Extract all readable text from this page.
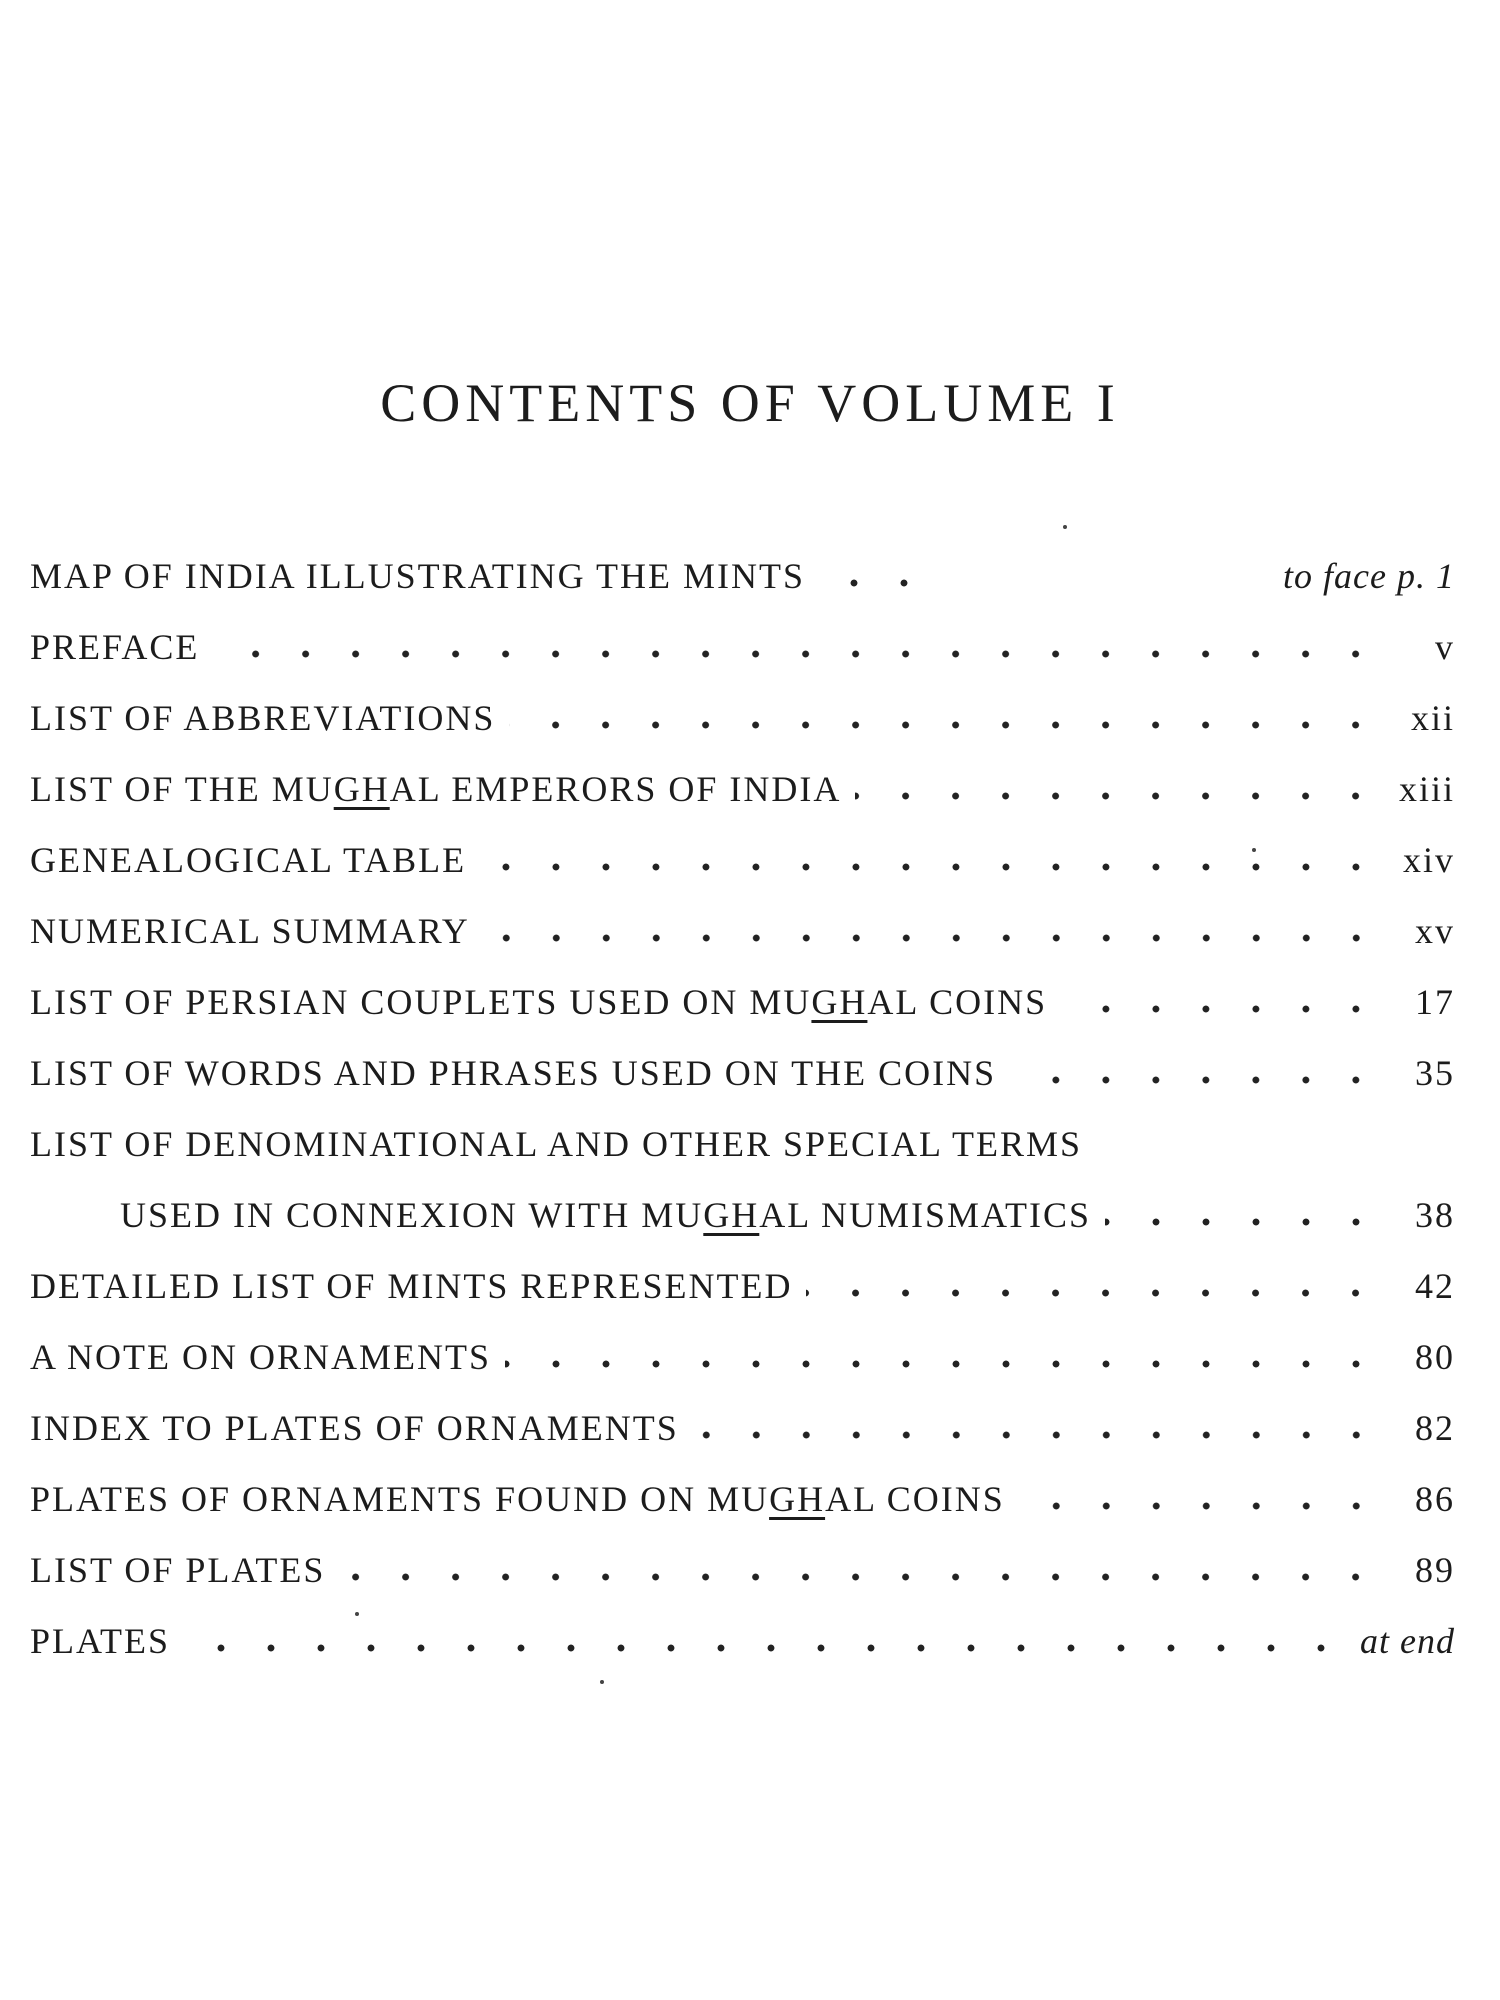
CONTENTS OF VOLUME I
MAP OF INDIA ILLUSTRATING THE MINTS	to face p. 1
PREFACE	v
LIST OF ABBREVIATIONS	xii
LIST OF THE MUGHAL EMPERORS OF INDIA	xiii
GENEALOGICAL TABLE	xiv
NUMERICAL SUMMARY	xv
LIST OF PERSIAN COUPLETS USED ON MUGHAL COINS	17
LIST OF WORDS AND PHRASES USED ON THE COINS	35
LIST OF DENOMINATIONAL AND OTHER SPECIAL TERMS
USED IN CONNEXION WITH MUGHAL NUMISMATICS	38
DETAILED LIST OF MINTS REPRESENTED	42
A NOTE ON ORNAMENTS	80
INDEX TO PLATES OF ORNAMENTS	82
PLATES OF ORNAMENTS FOUND ON MUGHAL COINS	86
LIST OF PLATES	89
PLATES	at end
